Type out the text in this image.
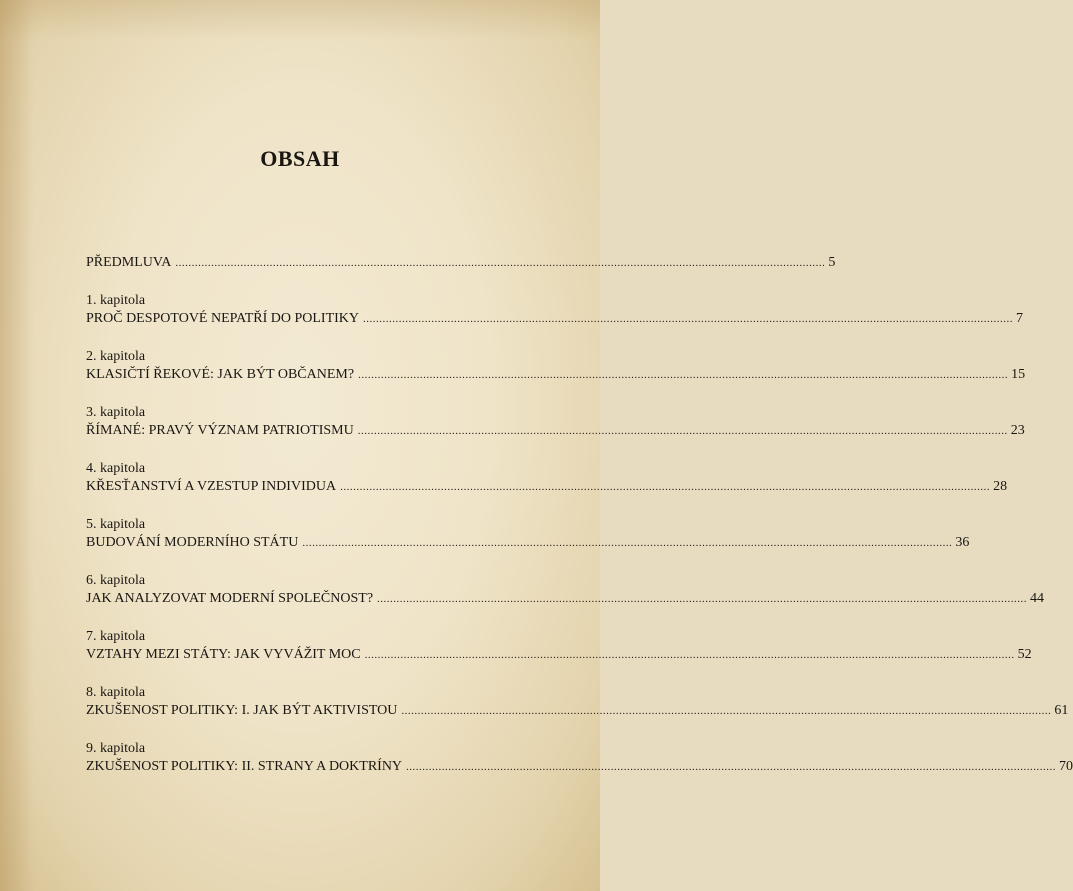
OBSAH
PŘEDMLUVA ........................................................................................................................................................................................................ 5
1. kapitola
PROČ DESPOTOVÉ NEPATŘÍ DO POLITIKY ........................................................................................................................................................................................................ 7
2. kapitola
KLASIČTÍ ŘEKOVÉ: JAK BÝT OBČANEM? ........................................................................................................................................................................................................ 15
3. kapitola
ŘÍMANÉ: PRAVÝ VÝZNAM PATRIOTISMU ........................................................................................................................................................................................................ 23
4. kapitola
KŘESŤANSTVÍ A VZESTUP INDIVIDUA ........................................................................................................................................................................................................ 28
5. kapitola
BUDOVÁNÍ MODERNÍHO STÁTU ........................................................................................................................................................................................................ 36
6. kapitola
JAK ANALYZOVAT MODERNÍ SPOLEČNOST? ........................................................................................................................................................................................................ 44
7. kapitola
VZTAHY MEZI STÁTY: JAK VYVÁŽIT MOC ........................................................................................................................................................................................................ 52
8. kapitola
ZKUŠENOST POLITIKY: I. JAK BÝT AKTIVISTOU ........................................................................................................................................................................................................ 61
9. kapitola
ZKUŠENOST POLITIKY: II. STRANY A DOKTRÍNY ........................................................................................................................................................................................................ 70
